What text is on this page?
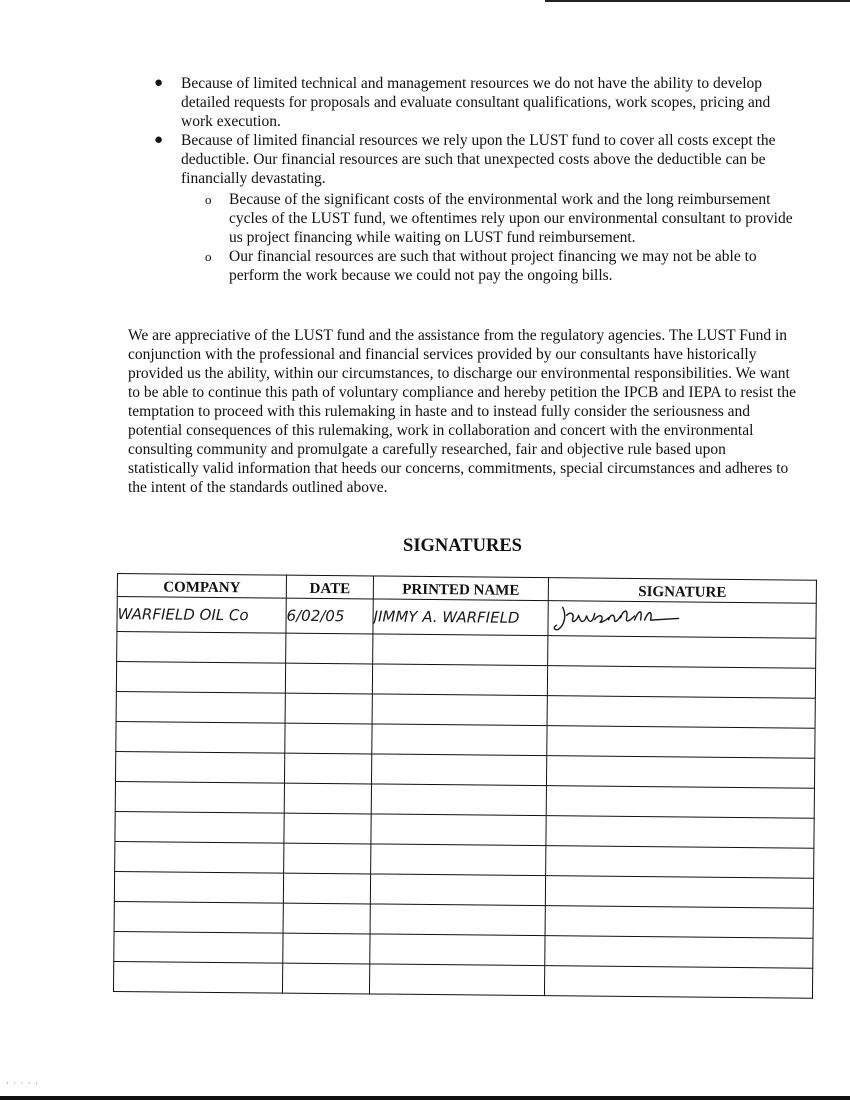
● Because of limited technical and management resources we do not have the ability to develop detailed requests for proposals and evaluate consultant qualifications, work scopes, pricing and work execution.
● Because of limited financial resources we rely upon the LUST fund to cover all costs except the deductible. Our financial resources are such that unexpected costs above the deductible can be financially devastating.
o Because of the significant costs of the environmental work and the long reimbursement cycles of the LUST fund, we oftentimes rely upon our environmental consultant to provide us project financing while waiting on LUST fund reimbursement.
o Our financial resources are such that without project financing we may not be able to perform the work because we could not pay the ongoing bills.

We are appreciative of the LUST fund and the assistance from the regulatory agencies. The LUST Fund in conjunction with the professional and financial services provided by our consultants have historically provided us the ability, within our circumstances, to discharge our environmental responsibilities. We want to be able to continue this path of voluntary compliance and hereby petition the IPCB and IEPA to resist the temptation to proceed with this rulemaking in haste and to instead fully consider the seriousness and potential consequences of this rulemaking, work in collaboration and concert with the environmental consulting community and promulgate a carefully researched, fair and objective rule based upon statistically valid information that heeds our concerns, commitments, special circumstances and adheres to the intent of the standards outlined above.

SIGNATURES
COMPANY	DATE	PRINTED NAME	SIGNATURE
WARFIELD OIL Co	6/02/05	JIMMY A. WARFIELD	

· · · · ·
